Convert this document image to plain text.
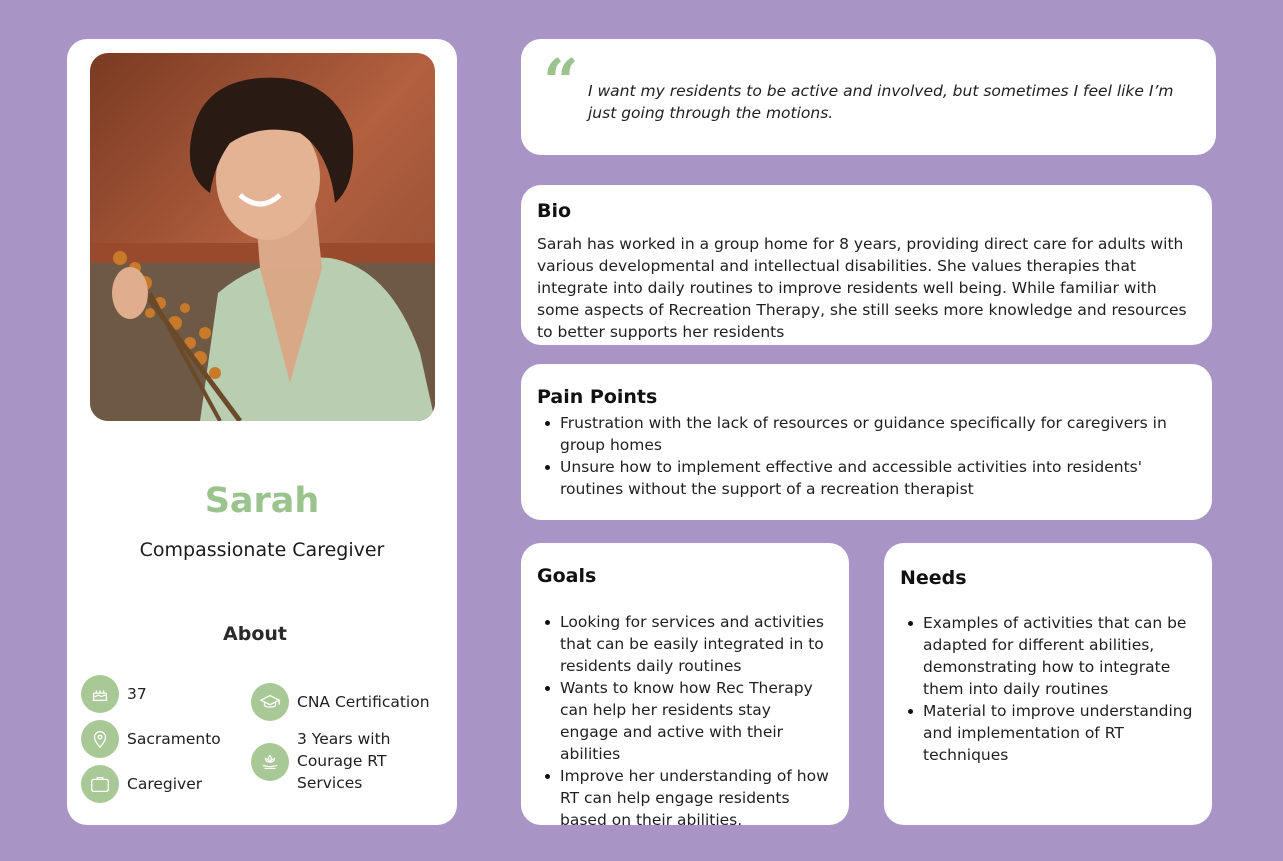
Sarah
Compassionate Caregiver
About
37
Sacramento
Caregiver
CNA Certification
3 Years with Courage RT Services
“ I want my residents to be active and involved, but sometimes I feel like I’m just going through the motions.
Bio
Sarah has worked in a group home for 8 years, providing direct care for adults with various developmental and intellectual disabilities. She values therapies that integrate into daily routines to improve residents well being. While familiar with some aspects of Recreation Therapy, she still seeks more knowledge and resources to better supports her residents
Pain Points
Frustration with the lack of resources or guidance specifically for caregivers in group homes
Unsure how to implement effective and accessible activities into residents' routines without the support of a recreation therapist
Goals
Looking for services and activities that can be easily integrated in to residents daily routines
Wants to know how Rec Therapy can help her residents stay engage and active with their abilities
Improve her understanding of how RT can help engage residents based on their abilities.
Needs
Examples of activities that can be adapted for different abilities, demonstrating how to integrate them into daily routines
Material to improve understanding and implementation of RT techniques
